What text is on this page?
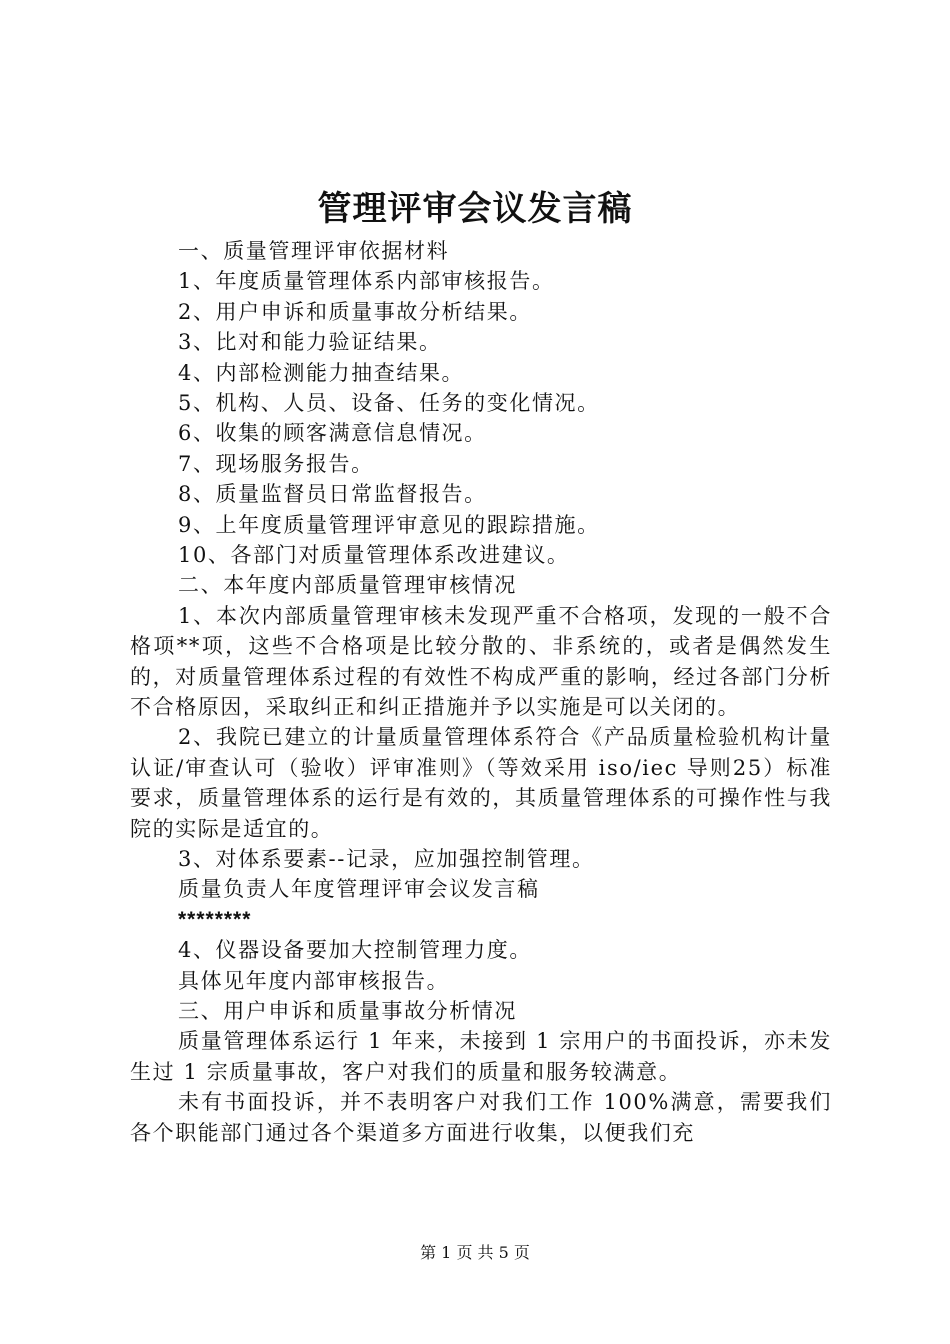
管理评审会议发言稿
一、质量管理评审依据材料
1、年度质量管理体系内部审核报告。
2、用户申诉和质量事故分析结果。
3、比对和能力验证结果。
4、内部检测能力抽查结果。
5、机构、人员、设备、任务的变化情况。
6、收集的顾客满意信息情况。
7、现场服务报告。
8、质量监督员日常监督报告。
9、上年度质量管理评审意见的跟踪措施。
10、各部门对质量管理体系改进建议。
二、本年度内部质量管理审核情况

1、本次内部质量管理审核未发现严重不合格项，发现的一般不合格项**项，这些不合格项是比较分散的、非系统的，或者是偶然发生的，对质量管理体系过程的有效性不构成严重的影响，经过各部门分析不合格原因，采取纠正和纠正措施并予以实施是可以关闭的。

2、我院已建立的计量质量管理体系符合《产品质量检验机构计量认证/审查认可（验收）评审准则》（等效采用 iso/iec 导则25）标准要求，质量管理体系的运行是有效的，其质量管理体系的可操作性与我院的实际是适宜的。

3、对体系要素--记录，应加强控制管理。
质量负责人年度管理评审会议发言稿
********
4、仪器设备要加大控制管理力度。
具体见年度内部审核报告。
三、用户申诉和质量事故分析情况

质量管理体系运行 1 年来，未接到 1 宗用户的书面投诉，亦未发生过 1 宗质量事故，客户对我们的质量和服务较满意。

未有书面投诉，并不表明客户对我们工作 100%满意，需要我们各个职能部门通过各个渠道多方面进行收集，以便我们充

第 1 页 共 5 页
